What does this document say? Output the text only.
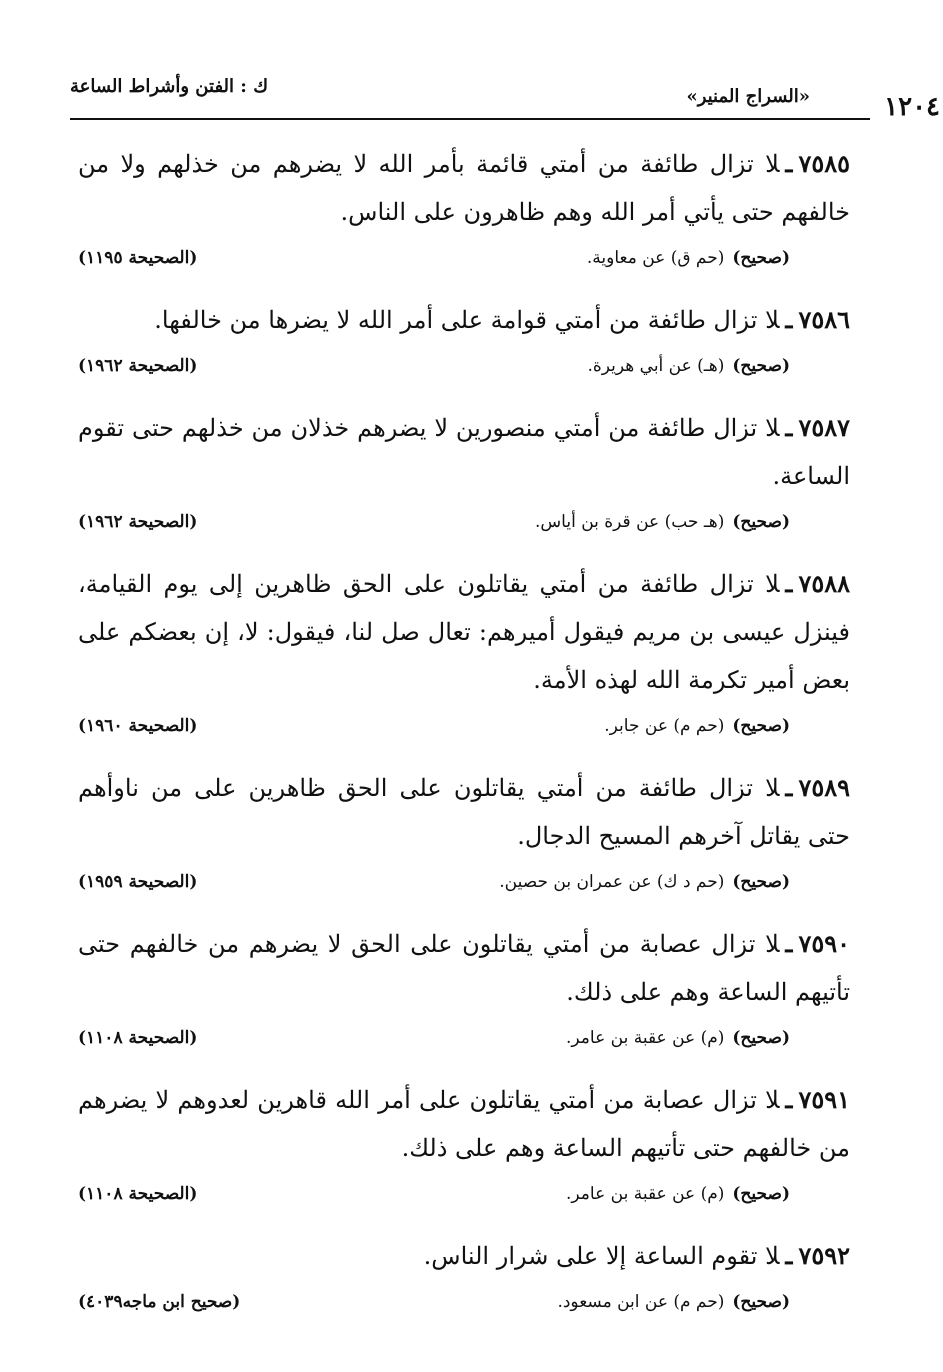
ك : الفتن وأشراط الساعة	«السراج المنير»	١٢٠٤
٧٥٨٥ـلا تزال طائفة من أمتي قائمة بأمر الله لا يضرهم من خذلهم ولا من خالفهم حتى يأتي أمر الله وهم ظاهرون على الناس.
(صحيح)
(حم ق) عن معاوية.
(الصحيحة ١١٩٥)
٧٥٨٦ـلا تزال طائفة من أمتي قوامة على أمر الله لا يضرها من خالفها.
(صحيح)
(هـ) عن أبي هريرة.
(الصحيحة ١٩٦٢)
٧٥٨٧ـلا تزال طائفة من أمتي منصورين لا يضرهم خذلان من خذلهم حتى تقوم الساعة.
(صحيح)
(هـ حب) عن قرة بن أياس.
(الصحيحة ١٩٦٢)
٧٥٨٨ـلا تزال طائفة من أمتي يقاتلون على الحق ظاهرين إلى يوم القيامة، فينزل عيسى بن مريم فيقول أميرهم: تعال صل لنا، فيقول: لا، إن بعضكم على بعض أمير تكرمة الله لهذه الأمة.
(صحيح)
(حم م) عن جابر.
(الصحيحة ١٩٦٠)
٧٥٨٩ـلا تزال طائفة من أمتي يقاتلون على الحق ظاهرين على من ناوأهم حتى يقاتل آخرهم المسيح الدجال.
(صحيح)
(حم د ك) عن عمران بن حصين.
(الصحيحة ١٩٥٩)
٧٥٩٠ـلا تزال عصابة من أمتي يقاتلون على الحق لا يضرهم من خالفهم حتى تأتيهم الساعة وهم على ذلك.
(صحيح)
(م) عن عقبة بن عامر.
(الصحيحة ١١٠٨)
٧٥٩١ـلا تزال عصابة من أمتي يقاتلون على أمر الله قاهرين لعدوهم لا يضرهم من خالفهم حتى تأتيهم الساعة وهم على ذلك.
(صحيح)
(م) عن عقبة بن عامر.
(الصحيحة ١١٠٨)
٧٥٩٢ـلا تقوم الساعة إلا على شرار الناس.
(صحيح)
(حم م) عن ابن مسعود.
(صحيح ابن ماجه٤٠٣٩)
